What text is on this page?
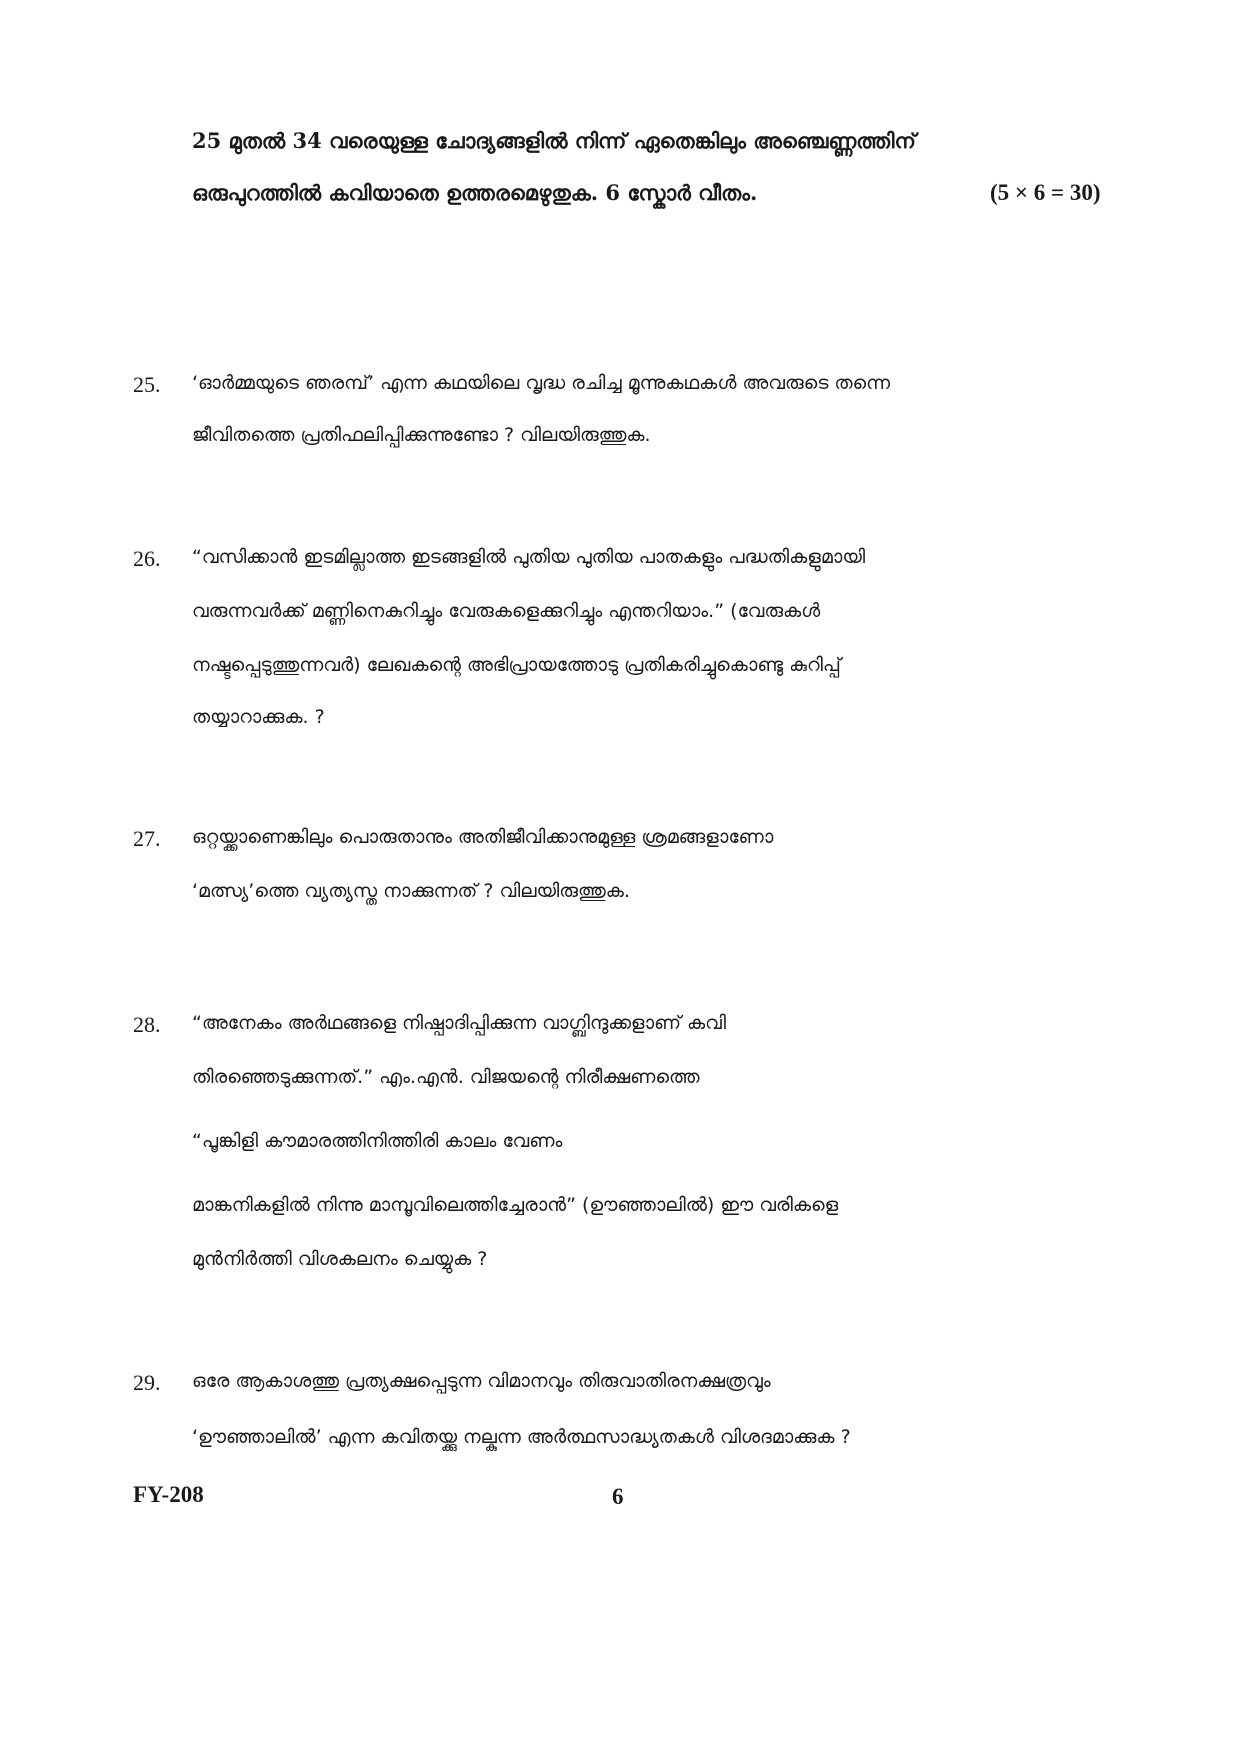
25 മുതൽ 34 വരെയുള്ള ചോദ്യങ്ങളിൽ നിന്ന് ഏതെങ്കിലും അഞ്ചെണ്ണത്തിന്
ഒരുപുറത്തിൽ കവിയാതെ ഉത്തരമെഴുതുക. 6 സ്കോർ വീതം.	(5 × 6 = 30)
25. ‘ഓർമ്മയുടെ ഞരമ്പ്’ എന്ന കഥയിലെ വൃദ്ധ രചിച്ച മൂന്നുകഥകൾ അവരുടെ തന്നെ
ജീവിതത്തെ പ്രതിഫലിപ്പിക്കുന്നുണ്ടോ ? വിലയിരുത്തുക.
26. “വസിക്കാൻ ഇടമില്ലാത്ത ഇടങ്ങളിൽ പുതിയ പുതിയ പാതകളും പദ്ധതികളുമായി
വരുന്നവർക്ക് മണ്ണിനെകുറിച്ചും വേരുകളെക്കുറിച്ചും എന്തറിയാം.” (വേരുകൾ
നഷ്ടപ്പെടുത്തുന്നവർ) ലേഖകന്റെ അഭിപ്രായത്തോടു പ്രതികരിച്ചുകൊണ്ടു കുറിപ്പ്
തയ്യാറാക്കുക. ?
27. ഒറ്റയ്ക്കാണെങ്കിലും പൊരുതാനും അതിജീവിക്കാനുമുള്ള ശ്രമങ്ങളാണോ
‘മത്സ്യ’ത്തെ വ്യത്യസ്ത നാക്കുന്നത് ? വിലയിരുത്തുക.
28. “അനേകം അർഥങ്ങളെ നിഷ്പാദിപ്പിക്കുന്ന വാഗ്ബിന്ദുക്കളാണ് കവി
തിരഞ്ഞെടുക്കുന്നത്.” എം.എൻ. വിജയന്റെ നിരീക്ഷണത്തെ
“പൂങ്കിളി കൗമാരത്തിനിത്തിരി കാലം വേണം
മാങ്കനികളിൽ നിന്നു മാമ്പൂവിലെത്തിച്ചേരാൻ” (ഊഞ്ഞാലിൽ) ഈ വരികളെ
മുൻനിർത്തി വിശകലനം ചെയ്യുക ?
29. ഒരേ ആകാശത്തു പ്രത്യക്ഷപ്പെടുന്ന വിമാനവും തിരുവാതിരനക്ഷത്രവും
‘ഊഞ്ഞാലിൽ’ എന്ന കവിതയ്ക്കു നല്കുന്ന അർത്ഥസാദ്ധ്യതകൾ വിശദമാക്കുക ?
FY-208	6
